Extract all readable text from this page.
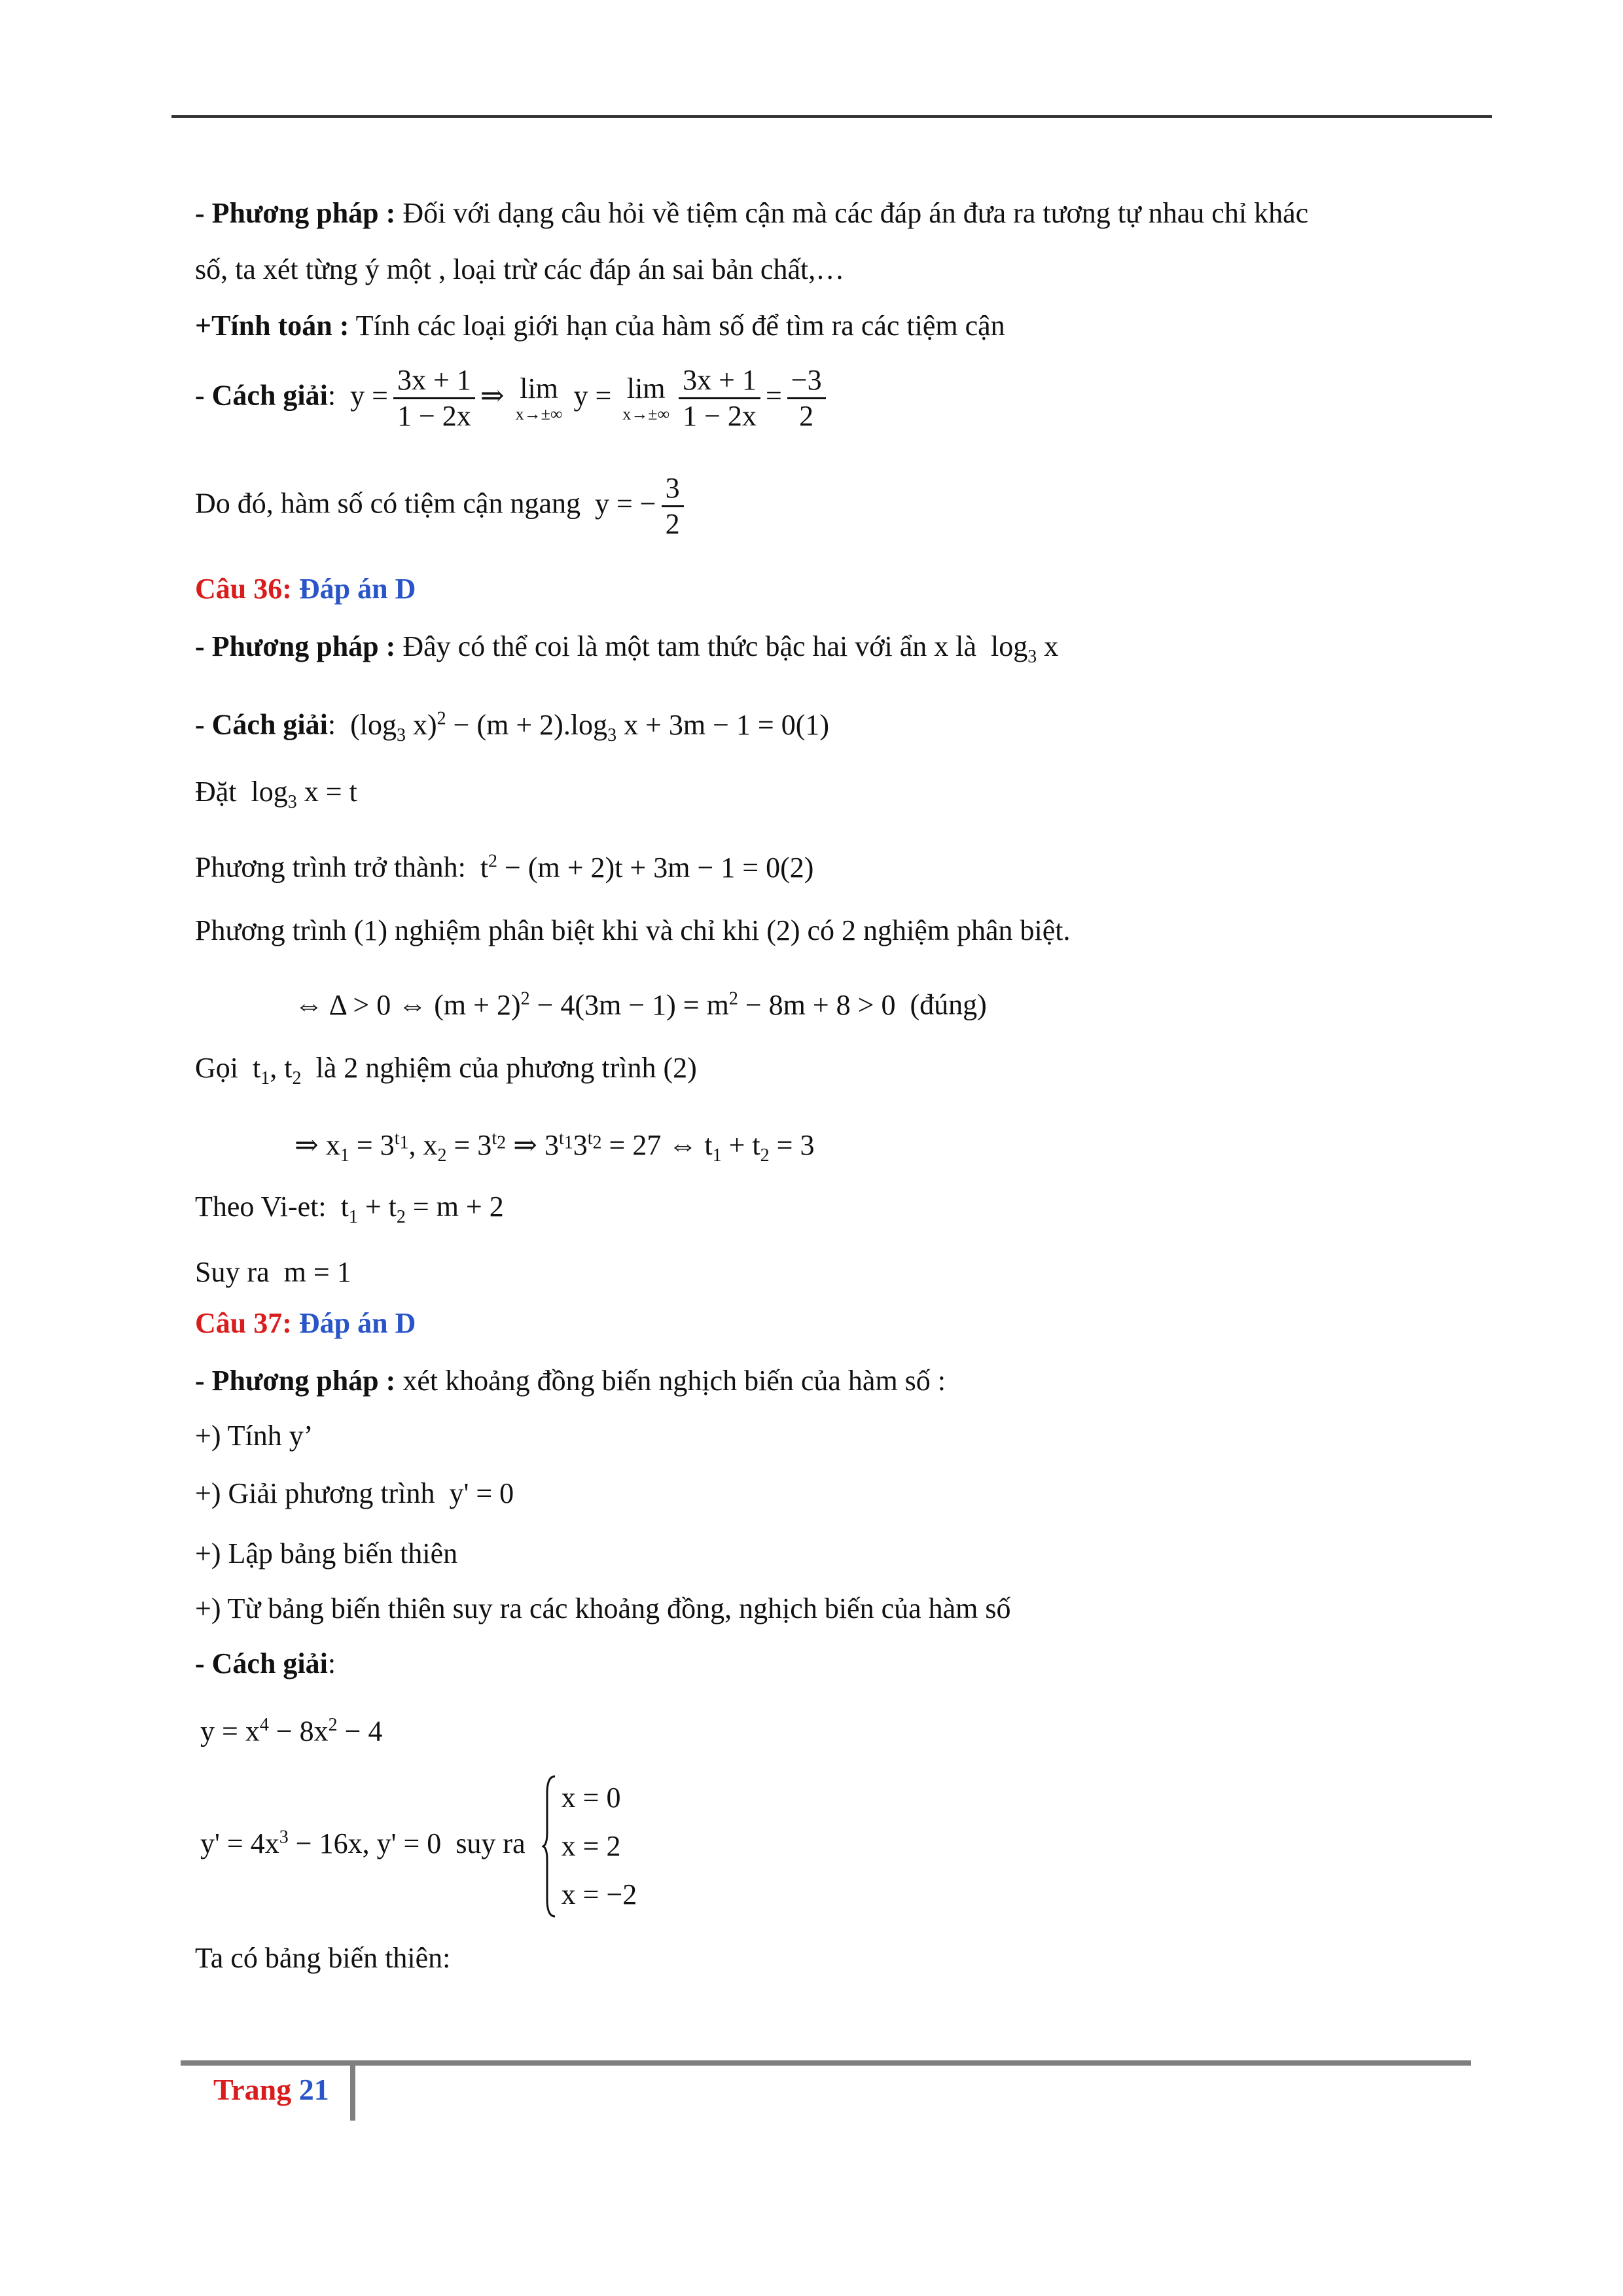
- Phương pháp : Đối với dạng câu hỏi về tiệm cận mà các đáp án đưa ra tương tự nhau chỉ khác
số, ta xét từng ý một , loại trừ các đáp án sai bản chất,…
+Tính toán : Tính các loại giới hạn của hàm số để tìm ra các tiệm cận
- Cách giải:  $y = \frac{3x + 1}{1 - 2x}$ ⇒ lim
x→±∞
y = lim
$x\to\pm\infty \frac{3x + 1}{1 - 2x} = \frac{-3}{2}$
Do đó, hàm số có tiệm cận ngang  y = − $\frac{3}{2}$
Câu 36: Đáp án D
- Phương pháp : Đây có thể coi là một tam thức bậc hai với ẩn x là  $\log_3 x$
- Cách giải:  ($\log_3$ $x)^2 - (m + 2).\log_3$ x + 3m − 1 = 0(1)
Đặt  $\log_3 x = t$
Phương trình trở thành:  $t^2 - (m + 2)t + 3m - 1 = 0(2)$
Phương trình (1) nghiệm phân biệt khi và chỉ khi (2) có 2 nghiệm phân biệt.
⇔ Δ > 0 ⇔ $(m + 2)^2 - 4(3m - 1) = m^2 - 8m + 8 > 0$  (đúng)
Gọi  $t_1$, $t_2$ là 2 nghiệm của phương trình (2)
⇒ $x_1 = 3^{t_1}$, $x_2 = 3^{t_2}$ ⇒ $3^{t_1}3^{t_2} = 27$ ⇔ $t_1 + t_2 = 3$
Theo Vi-et:  $t_1 + t_2 = m + 2$
Suy ra  m = 1
Câu 37: Đáp án D
- Phương pháp : xét khoảng đồng biến nghịch biến của hàm số :
+) Tính y’
+) Giải phương trình  y' = 0
+) Lập bảng biến thiên
+) Từ bảng biến thiên suy ra các khoảng đồng, nghịch biến của hàm số
- Cách giải:
$y = x^4 - 8x^2 - 4$
$y' = 4x^3 - 16x$, y' = 0  suy ra
x = 0
x = 2
x = −2
Ta có bảng biến thiên:
Trang 21
